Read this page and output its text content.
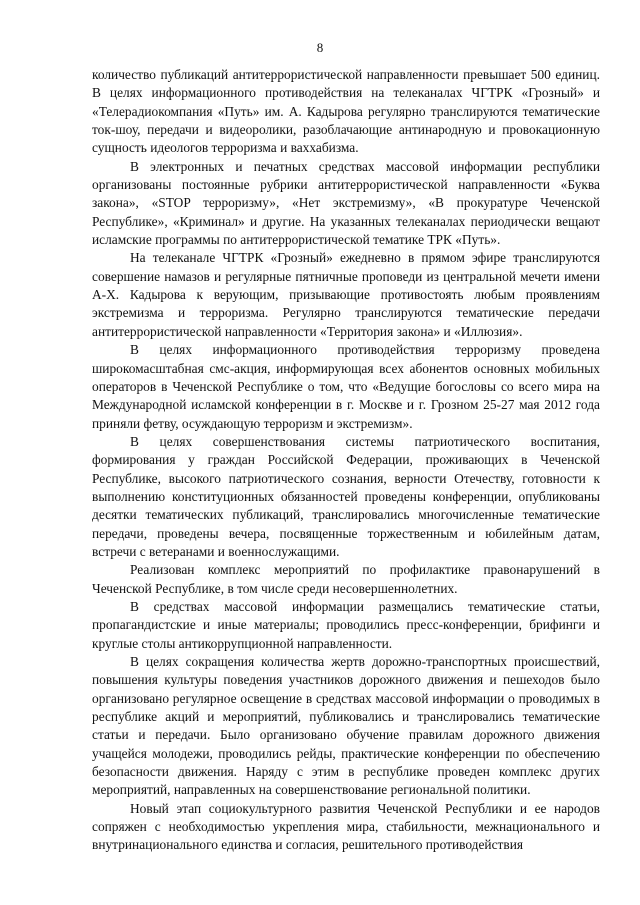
8

количество публикаций антитеррористической направленности превышает 500 единиц. В целях информационного противодействия на телеканалах ЧГТРК «Грозный» и «Телерадиокомпания «Путь» им. А. Кадырова регулярно транслируются тематические ток-шоу, передачи и видеоролики, разоблачающие антинародную и провокационную сущность идеологов терроризма и ваххабизма.

В электронных и печатных средствах массовой информации республики организованы постоянные рубрики антитеррористической направленности «Буква закона», «STOP терроризму», «Нет экстремизму», «В прокуратуре Чеченской Республике», «Криминал» и другие. На указанных телеканалах периодически вещают исламские программы по антитеррористической тематике ТРК «Путь».

На телеканале ЧГТРК «Грозный» ежедневно в прямом эфире транслируются совершение намазов и регулярные пятничные проповеди из центральной мечети имени А-Х. Кадырова к верующим, призывающие противостоять любым проявлениям экстремизма и терроризма. Регулярно транслируются тематические передачи антитеррористической направленности «Территория закона» и «Иллюзия».

В целях информационного противодействия терроризму проведена широкомасштабная смс-акция, информирующая всех абонентов основных мобильных операторов в Чеченской Республике о том, что «Ведущие богословы со всего мира на Международной исламской конференции в г. Москве и г. Грозном 25-27 мая 2012 года приняли фетву, осуждающую терроризм и экстремизм».

В целях совершенствования системы патриотического воспитания, формирования у граждан Российской Федерации, проживающих в Чеченской Республике, высокого патриотического сознания, верности Отечеству, готовности к выполнению конституционных обязанностей проведены конференции, опубликованы десятки тематических публикаций, транслировались многочисленные тематические передачи, проведены вечера, посвященные торжественным и юбилейным датам, встречи с ветеранами и военнослужащими.

Реализован комплекс мероприятий по профилактике правонарушений в Чеченской Республике, в том числе среди несовершеннолетних.

В средствах массовой информации размещались тематические статьи, пропагандистские и иные материалы; проводились пресс-конференции, брифинги и круглые столы антикоррупционной направленности.

В целях сокращения количества жертв дорожно-транспортных происшествий, повышения культуры поведения участников дорожного движения и пешеходов было организовано регулярное освещение в средствах массовой информации о проводимых в республике акций и мероприятий, публиковались и транслировались тематические статьи и передачи. Было организовано обучение правилам дорожного движения учащейся молодежи, проводились рейды, практические конференции по обеспечению безопасности движения. Наряду с этим в республике проведен комплекс других мероприятий, направленных на совершенствование региональной политики.

Новый этап социокультурного развития Чеченской Республики и ее народов сопряжен с необходимостью укрепления мира, стабильности, межнационального и внутринационального единства и согласия, решительного противодействия
